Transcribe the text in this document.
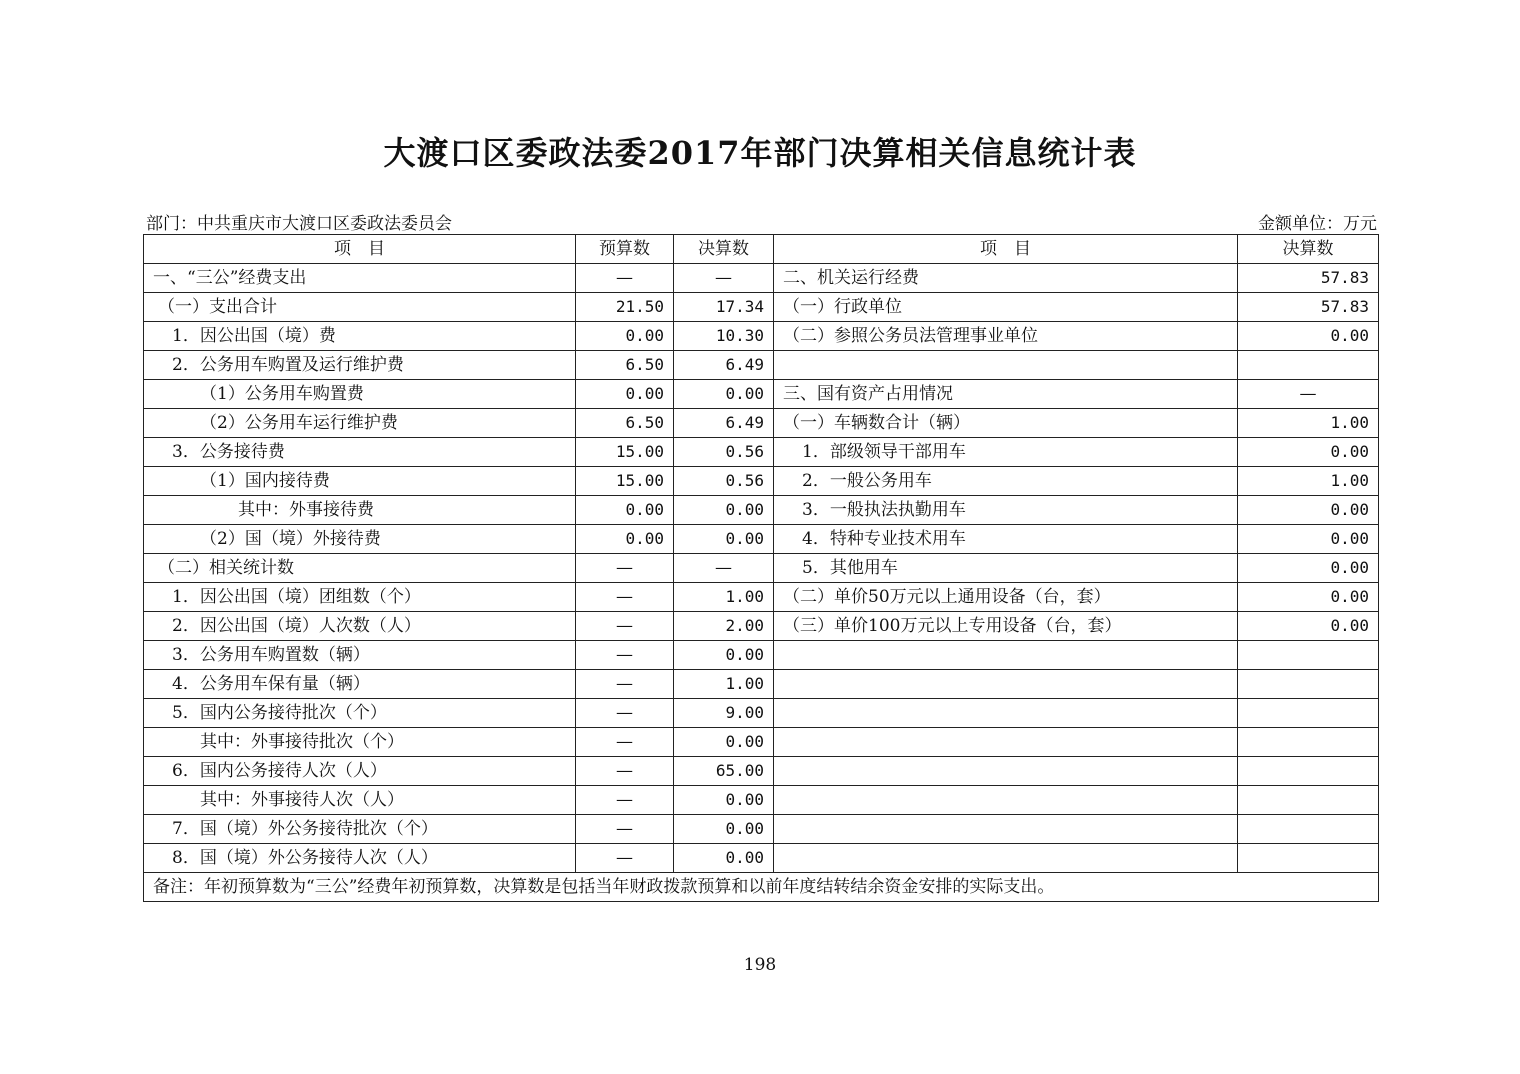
大渡口区委政法委2017年部门决算相关信息统计表
部门：中共重庆市大渡口区委政法委员会	金额单位：万元
项　目	预算数	决算数	项　目	决算数
一、“三公”经费支出	—	—	二、机关运行经费	57.83
（一）支出合计	21.50	17.34	（一）行政单位	57.83
1．因公出国（境）费	0.00	10.30	（二）参照公务员法管理事业单位	0.00
2．公务用车购置及运行维护费	6.50	6.49		
（1）公务用车购置费	0.00	0.00	三、国有资产占用情况	—
（2）公务用车运行维护费	6.50	6.49	（一）车辆数合计（辆）	1.00
3．公务接待费	15.00	0.56	1．部级领导干部用车	0.00
（1）国内接待费	15.00	0.56	2．一般公务用车	1.00
其中：外事接待费	0.00	0.00	3．一般执法执勤用车	0.00
（2）国（境）外接待费	0.00	0.00	4．特种专业技术用车	0.00
（二）相关统计数	—	—	5．其他用车	0.00
1．因公出国（境）团组数（个）	—	1.00	（二）单价50万元以上通用设备（台，套）	0.00
2．因公出国（境）人次数（人）	—	2.00	（三）单价100万元以上专用设备（台，套）	0.00
3．公务用车购置数（辆）	—	0.00		
4．公务用车保有量（辆）	—	1.00		
5．国内公务接待批次（个）	—	9.00		
其中：外事接待批次（个）	—	0.00		
6．国内公务接待人次（人）	—	65.00		
其中：外事接待人次（人）	—	0.00		
7．国（境）外公务接待批次（个）	—	0.00		
8．国（境）外公务接待人次（人）	—	0.00		
备注：年初预算数为“三公”经费年初预算数，决算数是包括当年财政拨款预算和以前年度结转结余资金安排的实际支出。				
198
